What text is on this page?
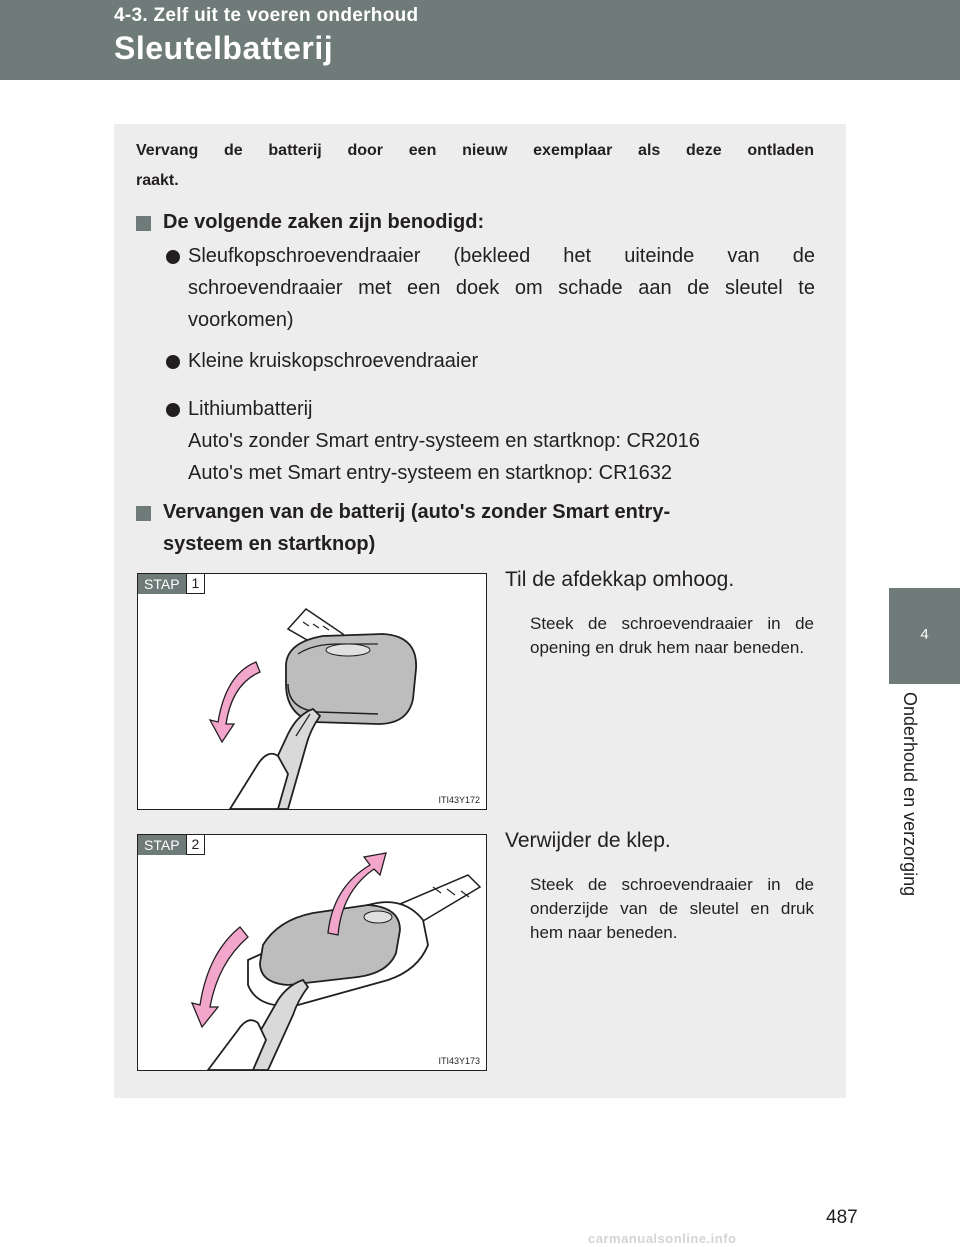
4-3. Zelf uit te voeren onderhoud
Sleutelbatterij
4
Onderhoud en verzorging
Vervang de batterij door een nieuw exemplaar als deze ontladen
raakt.
De volgende zaken zijn benodigd:
Sleufkopschroevendraaier (bekleed het uiteinde van de
schroevendraaier met een doek om schade aan de sleutel te
voorkomen)
Kleine kruiskopschroevendraaier
Lithiumbatterij
Auto's zonder Smart entry-systeem en startknop: CR2016
Auto's met Smart entry-systeem en startknop: CR1632
Vervangen van de batterij (auto's zonder Smart entry-
systeem en startknop)
STAP 1
ITI43Y172
Til de afdekkap omhoog.
Steek de schroevendraaier in de opening en druk hem naar beneden.
STAP 2
ITI43Y173
Verwijder de klep.
Steek de schroevendraaier in de onderzijde van de sleutel en druk hem naar beneden.
487
carmanualsonline.info
